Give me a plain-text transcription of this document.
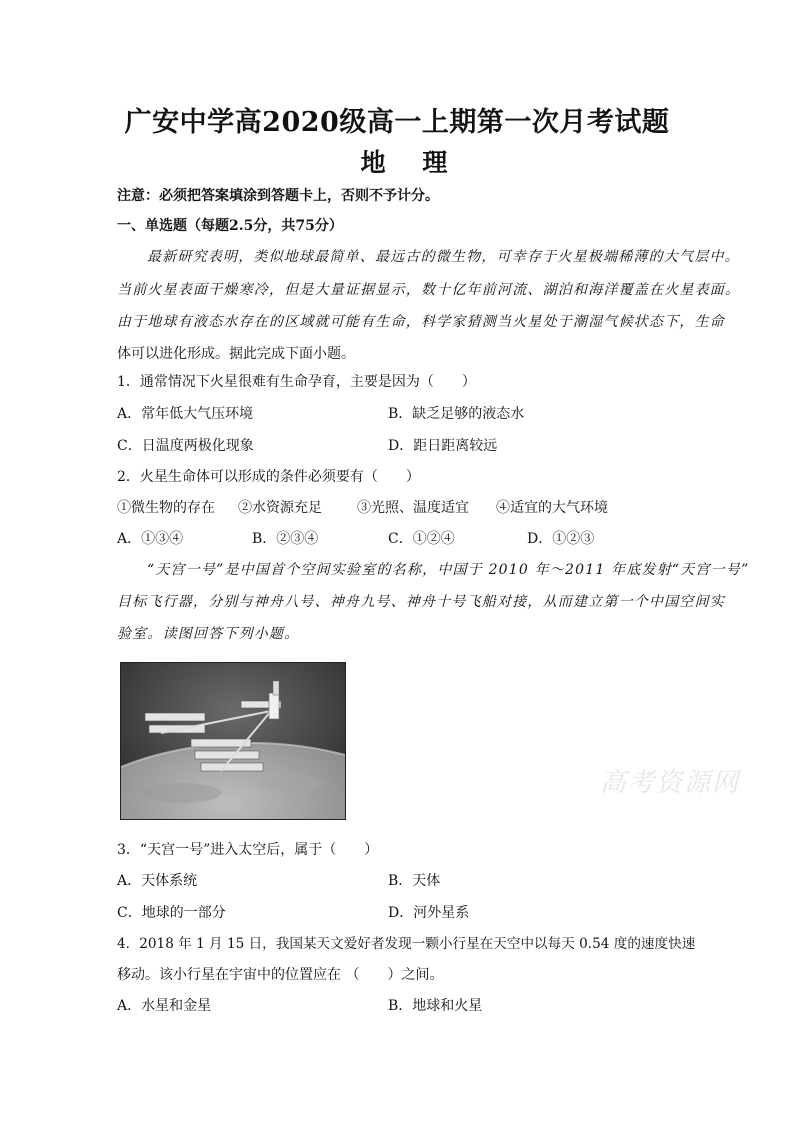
广安中学高2020级高一上期第一次月考试题
地 理
注意：必须把答案填涂到答题卡上，否则不予计分。
一、单选题（每题2.5分，共75分）
最新研究表明，类似地球最简单、最远古的微生物，可幸存于火星极端稀薄的大气层中。
当前火星表面干燥寒冷，但是大量证据显示，数十亿年前河流、湖泊和海洋覆盖在火星表面。
由于地球有液态水存在的区域就可能有生命，科学家猜测当火星处于潮湿气候状态下，生命
体可以进化形成。据此完成下面小题。
1．通常情况下火星很难有生命孕育，主要是因为（　　）
A．常年低大气压环境	B．缺乏足够的液态水
C．日温度两极化现象	D．距日距离较远
2．火星生命体可以形成的条件必须要有（　　）
①微生物的存在 ②水资源充足	③光照、温度适宜 ④适宜的大气环境
A．①③④	B．②③④	C．①②④	D．①②③
“天宫一号”是中国首个空间实验室的名称，中国于 2010 年～2011 年底发射“天宫一号”
目标飞行器，分别与神舟八号、神舟九号、神舟十号飞船对接，从而建立第一个中国空间实
验室。读图回答下列小题。
3．“天宫一号”进入太空后，属于（　　）
A．天体系统	B．天体
C．地球的一部分	D．河外星系
4．2018 年 1 月 15 日，我国某天文爱好者发现一颗小行星在天空中以每天 0.54 度的速度快速
移动。该小行星在宇宙中的位置应在 （　　）之间。
A．水星和金星	B．地球和火星
高考资源网
